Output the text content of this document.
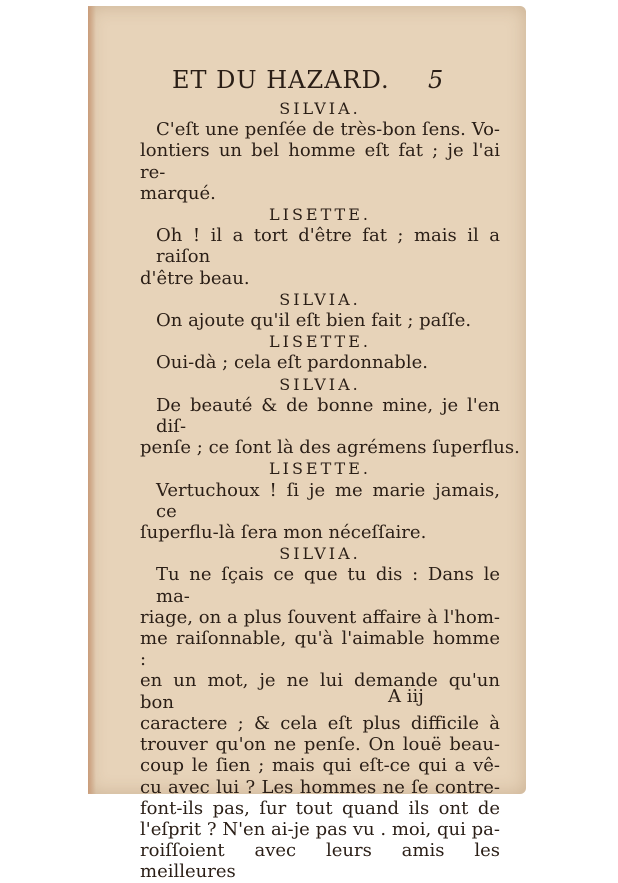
ET DU HAZARD. 5
SILVIA.
C'eſt une penſée de très-bon ſens. Vo-
lontiers un bel homme eſt fat ; je l'ai re-
marqué.
LISETTE.
Oh ! il a tort d'être fat ; mais il a raiſon
d'être beau.
SILVIA.
On ajoute qu'il eſt bien fait ; paſſe.
LISETTE.
Oui-dà ; cela eſt pardonnable.
SILVIA.
De beauté & de bonne mine, je l'en diſ-
penſe ; ce ſont là des agrémens ſuperflus.
LISETTE.
Vertuchoux ! ſi je me marie jamais, ce
ſuperflu-là ſera mon néceſſaire.
SILVIA.
Tu ne ſçais ce que tu dis : Dans le ma-
riage, on a plus ſouvent affaire à l'hom-
me raiſonnable, qu'à l'aimable homme :
en un mot, je ne lui demande qu'un bon
caractere ; & cela eſt plus difficile à
trouver qu'on ne penſe. On louë beau-
coup le ſien ; mais qui eſt-ce qui a vê-
cu avec lui ? Les hommes ne ſe contre-
font-ils pas, ſur tout quand ils ont de
l'eſprit ? N'en ai-je pas vu . moi, qui pa-
roiſſoient avec leurs amis les meilleures
A iij
